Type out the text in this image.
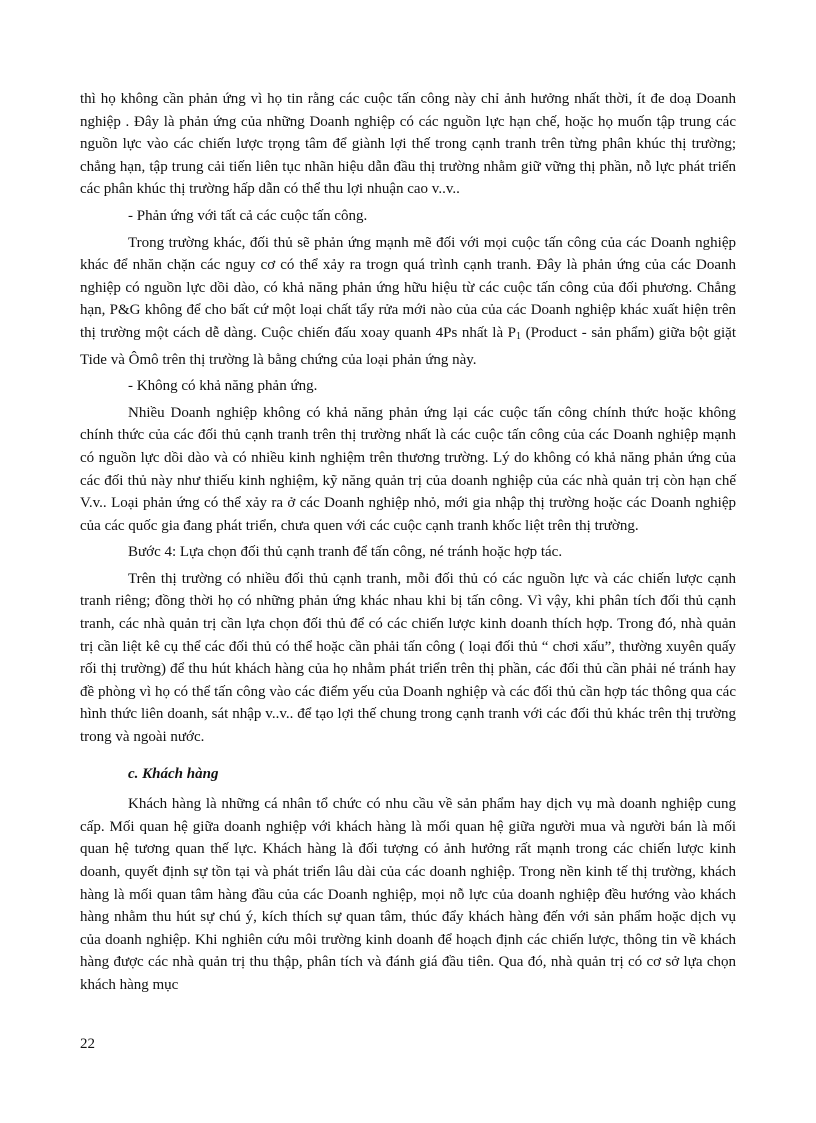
thì họ không cần phản ứng vì họ tin rằng các cuộc tấn công này chỉ ảnh hưởng nhất thời, ít đe doạ Doanh nghiệp . Đây là phản ứng của những Doanh nghiệp có các nguồn lực hạn chế, hoặc họ muốn tập trung các nguồn lực vào các chiến lược trọng tâm để giành lợi thế trong cạnh tranh trên từng phân khúc thị trường; chẳng hạn, tập trung cải tiến liên tục nhãn hiệu dẫn đầu thị trường nhằm giữ vững thị phần, nỗ lực phát triển các phân khúc thị trường hấp dẫn có thể thu lợi nhuận cao v..v..

- Phản ứng với tất cả các cuộc tấn công.

Trong trường khác, đối thủ sẽ phản ứng mạnh mẽ đối với mọi cuộc tấn công của các Doanh nghiệp khác để nhăn chặn các nguy cơ có thể xảy ra trogn quá trình cạnh tranh. Đây là phản ứng của các Doanh nghiệp có nguồn lực dồi dào, có khả năng phản ứng hữu hiệu từ các cuộc tấn công của đối phương. Chẳng hạn, P&G không để cho bất cứ một loại chất tẩy rửa mới nào của của các Doanh nghiệp khác xuất hiện trên thị trường một cách dễ dàng. Cuộc chiến đấu xoay quanh 4Ps nhất là $P_1$ (Product - sản phẩm) giữa bột giặt Tide và Ômô trên thị trường là bằng chứng của loại phản ứng này.

- Không có khả năng phản ứng.

Nhiều Doanh nghiệp không có khả năng phản ứng lại các cuộc tấn công chính thức hoặc không chính thức của các đối thủ cạnh tranh trên thị trường nhất là các cuộc tấn công của các Doanh nghiệp mạnh có nguồn lực dồi dào và có nhiều kinh nghiệm trên thương trường. Lý do không có khả năng phản ứng của các đối thủ này như thiếu kinh nghiệm, kỹ năng quản trị của doanh nghiệp của các nhà quản trị còn hạn chế V.v.. Loại phản ứng có thể xảy ra ở các Doanh nghiệp nhỏ, mới gia nhập thị trường hoặc các Doanh nghiệp của các quốc gia đang phát triển, chưa quen với các cuộc cạnh tranh khốc liệt trên thị trường.

Bước 4: Lựa chọn đối thủ cạnh tranh để tấn công, né tránh hoặc hợp tác.

Trên thị trường có nhiều đối thủ cạnh tranh, mỗi đối thủ có các nguồn lực và các chiến lược cạnh tranh riêng; đồng thời họ có những phản ứng khác nhau khi bị tấn công. Vì vậy, khi phân tích đối thủ cạnh tranh, các nhà quản trị cần lựa chọn đối thủ để có các chiến lược kinh doanh thích hợp. Trong đó, nhà quản trị cần liệt kê cụ thể các đối thủ có thể hoặc cần phải tấn công ( loại đối thủ “ chơi xấu”, thường xuyên quấy rối thị trường) để thu hút khách hàng của họ nhằm phát triển trên thị phần, các đối thủ cần phải né tránh hay đề phòng vì họ có thể tấn công vào các điểm yếu của Doanh nghiệp và các đối thủ cần hợp tác thông qua các hình thức liên doanh, sát nhập v..v.. để tạo lợi thế chung trong cạnh tranh với các đối thủ khác trên thị trường trong và ngoài nước.

c. Khách hàng

Khách hàng là những cá nhân tổ chức có nhu cầu về sản phẩm hay dịch vụ mà doanh nghiệp cung cấp. Mối quan hệ giữa doanh nghiệp với khách hàng là mối quan hệ giữa người mua và người bán là mối quan hệ tương quan thế lực. Khách hàng là đối tượng có ảnh hưởng rất mạnh trong các chiến lược kinh doanh, quyết định sự tồn tại và phát triển lâu dài của các doanh nghiệp. Trong nền kinh tế thị trường, khách hàng là mối quan tâm hàng đầu của các Doanh nghiệp, mọi nỗ lực của doanh nghiệp đều hướng vào khách hàng nhằm thu hút sự chú ý, kích thích sự quan tâm, thúc đẩy khách hàng đến với sản phẩm hoặc dịch vụ của doanh nghiệp. Khi nghiên cứu môi trường kinh doanh để hoạch định các chiến lược, thông tin về khách hàng được các nhà quản trị thu thập, phân tích và đánh giá đầu tiên. Qua đó, nhà quản trị có cơ sở lựa chọn khách hàng mục

22
